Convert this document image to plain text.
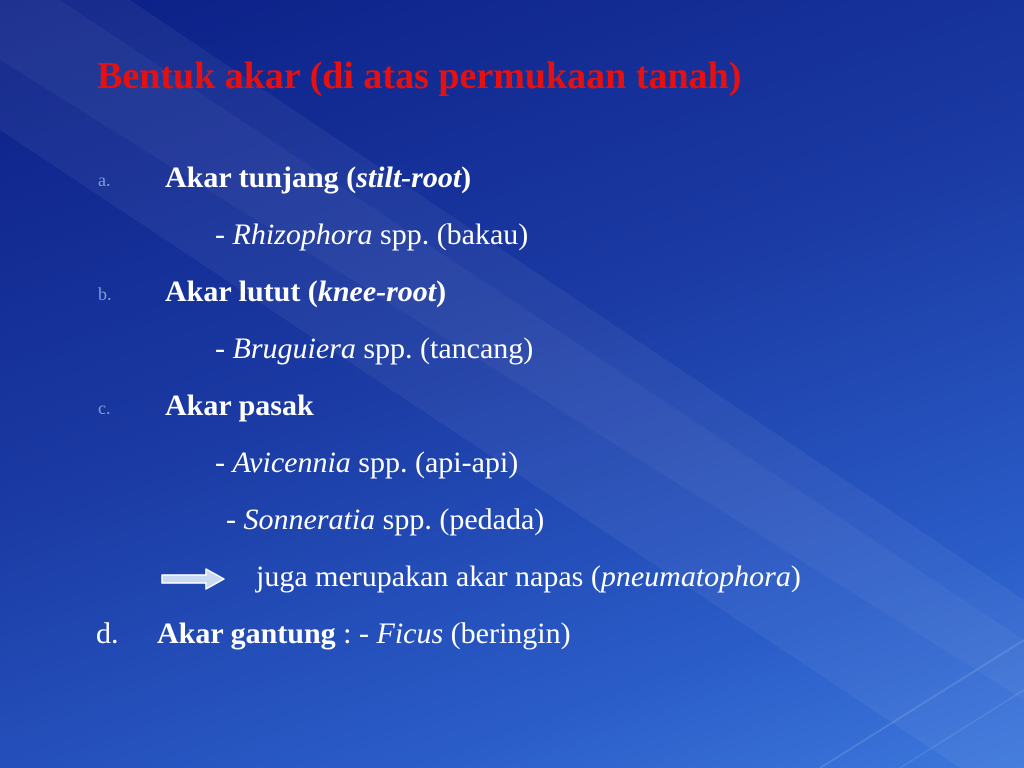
Bentuk akar (di atas permukaan tanah)
a. Akar tunjang (stilt-root)
- Rhizophora spp. (bakau)
b. Akar lutut (knee-root)
- Bruguiera spp. (tancang)
c. Akar pasak
- Avicennia spp. (api-api)
- Sonneratia spp. (pedada)
juga merupakan akar napas (pneumatophora)
d. Akar gantung : - Ficus (beringin)
